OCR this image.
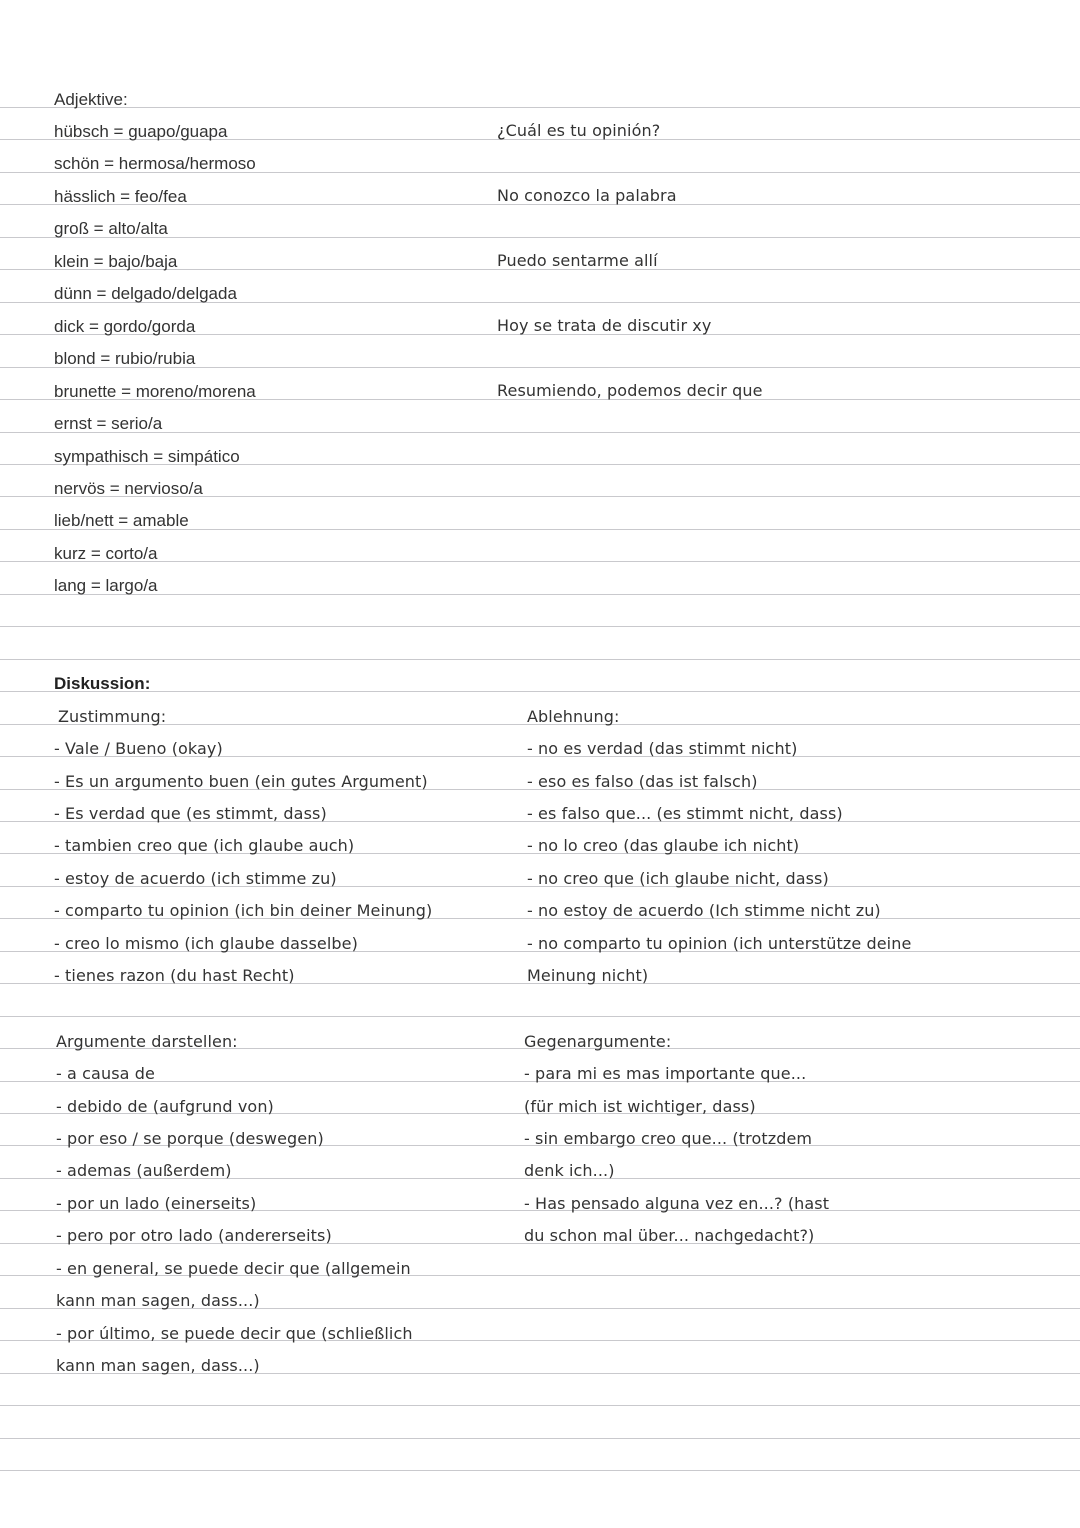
Adjektive:
hübsch = guapo/guapa
schön = hermosa/hermoso
hässlich = feo/fea
groß = alto/alta
klein = bajo/baja
dünn = delgado/delgada
dick = gordo/gorda
blond = rubio/rubia
brunette = moreno/morena
ernst = serio/a
sympathisch = simpático
nervös = nervioso/a
lieb/nett = amable
kurz = corto/a
lang = largo/a
¿Cuál es tu opinión?
No conozco la palabra
Puedo sentarme allí
Hoy se trata de discutir xy
Resumiendo, podemos decir que
Diskussion:
Zustimmung:
- Vale / Bueno (okay)
- Es un argumento buen (ein gutes Argument)
- Es verdad que (es stimmt, dass)
- tambien creo que (ich glaube auch)
- estoy de acuerdo (ich stimme zu)
- comparto tu opinion (ich bin deiner Meinung)
- creo lo mismo (ich glaube dasselbe)
- tienes razon (du hast Recht)
Ablehnung:
- no es verdad (das stimmt nicht)
- eso es falso (das ist falsch)
- es falso que... (es stimmt nicht, dass)
- no lo creo (das glaube ich nicht)
- no creo que (ich glaube nicht, dass)
- no estoy de acuerdo (Ich stimme nicht zu)
- no comparto tu opinion (ich unterstütze deine
Meinung nicht)
Argumente darstellen:
- a causa de
- debido de (aufgrund von)
- por eso / se porque (deswegen)
- ademas (außerdem)
- por un lado (einerseits)
- pero por otro lado (andererseits)
- en general, se puede decir que (allgemein
kann man sagen, dass...)
- por último, se puede decir que (schließlich
kann man sagen, dass...)
Gegenargumente:
- para mi es mas importante que...
(für mich ist wichtiger, dass)
- sin embargo creo que... (trotzdem
denk ich...)
- Has pensado alguna vez en...? (hast
du schon mal über... nachgedacht?)
